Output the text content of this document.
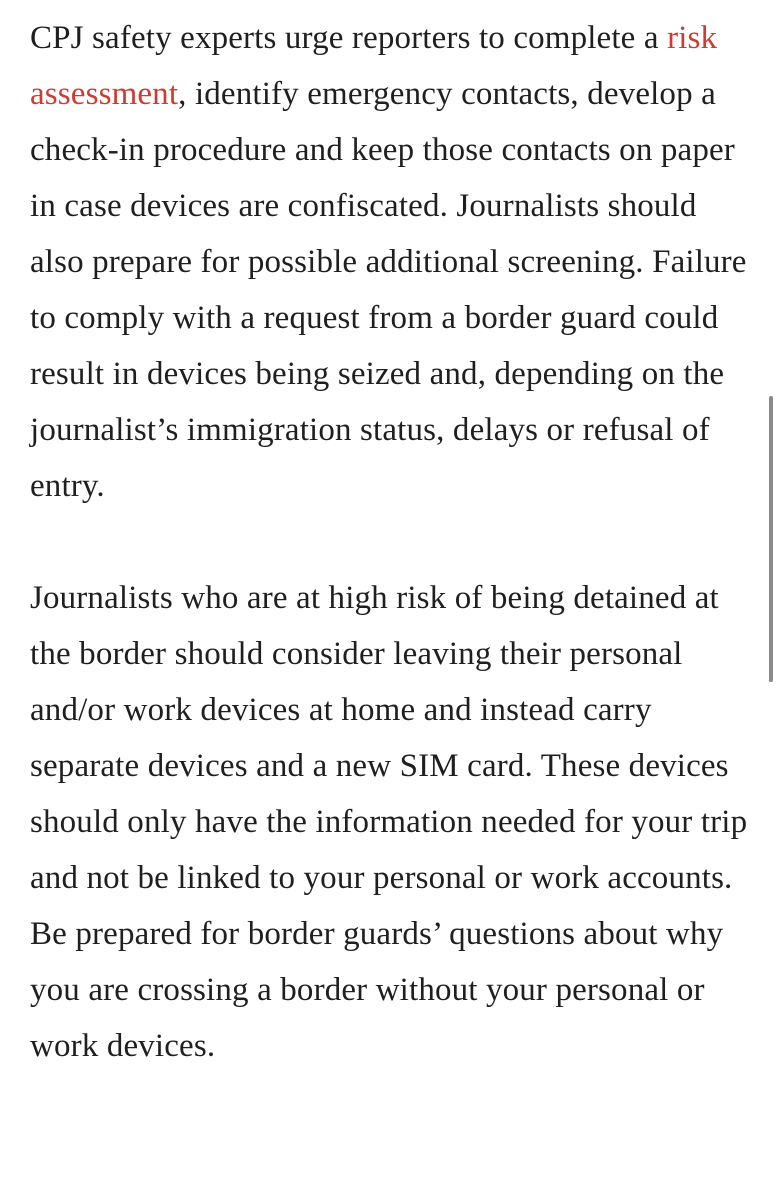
CPJ safety experts urge reporters to complete a risk assessment, identify emergency contacts, develop a check-in procedure and keep those contacts on paper in case devices are confiscated. Journalists should also prepare for possible additional screening. Failure to comply with a request from a border guard could result in devices being seized and, depending on the journalist’s immigration status, delays or refusal of entry.

Journalists who are at high risk of being detained at the border should consider leaving their personal and/or work devices at home and instead carry separate devices and a new SIM card. These devices should only have the information needed for your trip and not be linked to your personal or work accounts. Be prepared for border guards’ questions about why you are crossing a border without your personal or work devices.
